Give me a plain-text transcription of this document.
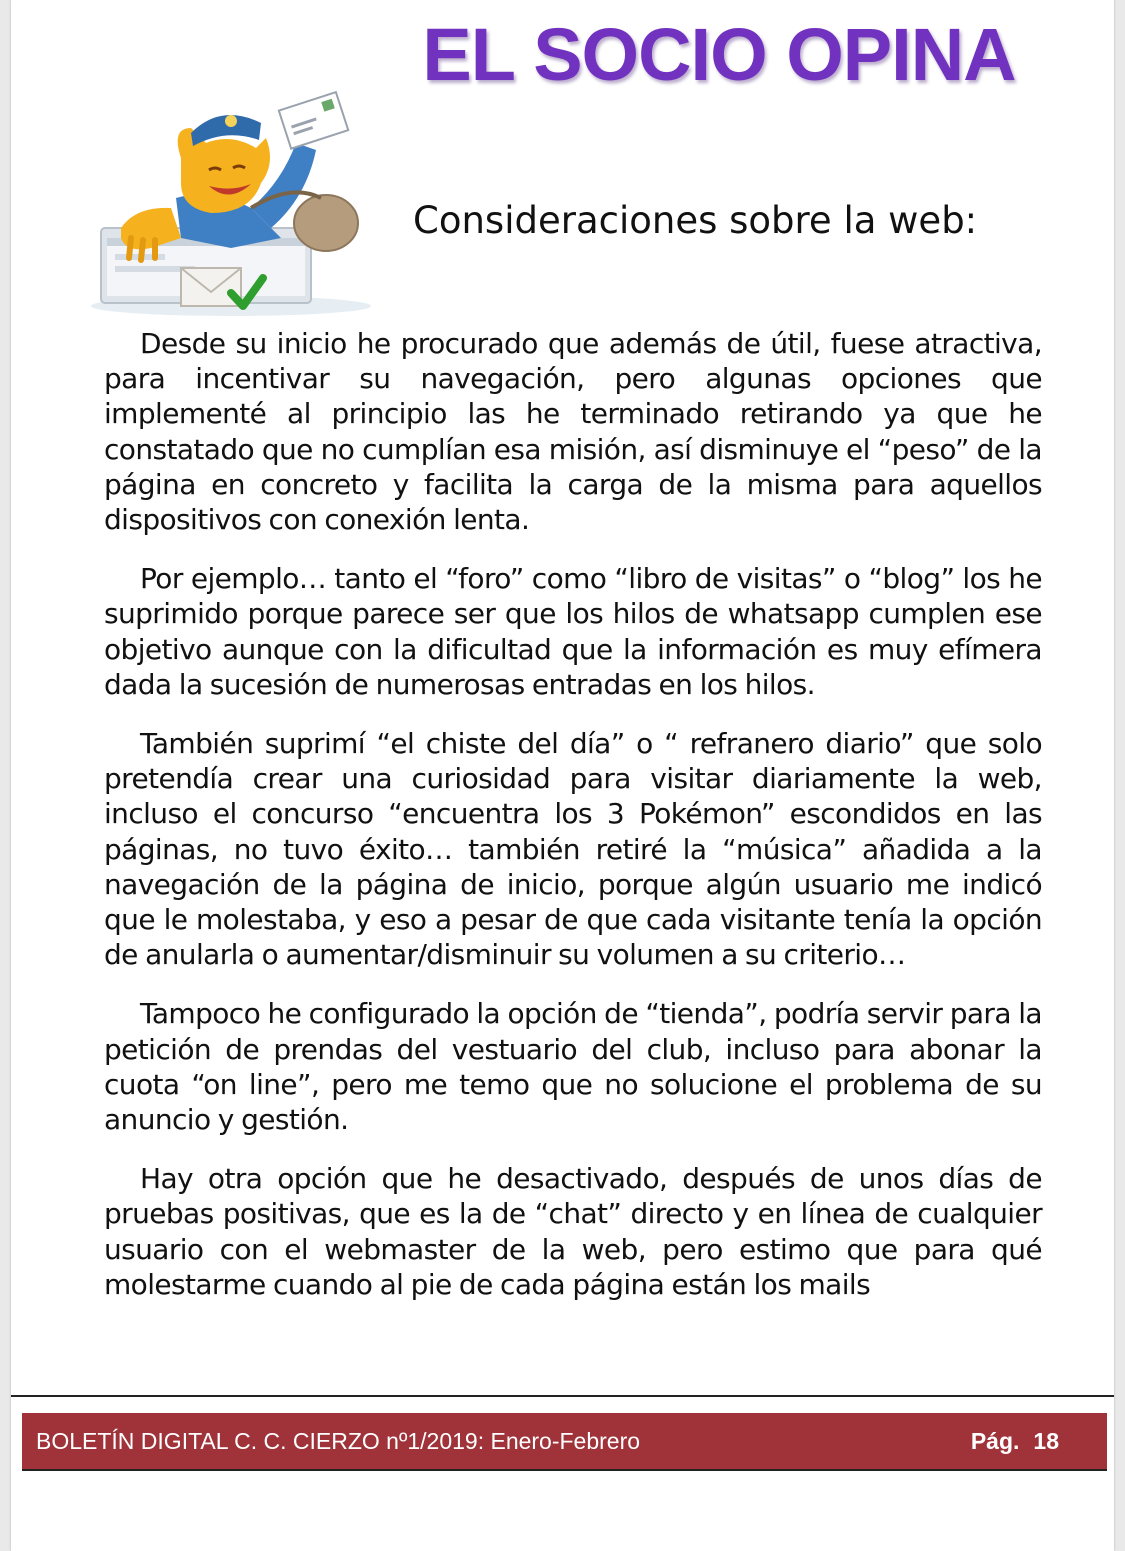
EL SOCIO OPINA
Consideraciones sobre la web:

Desde su inicio he procurado que además de útil, fuese atractiva, para incentivar su navegación, pero algunas opciones que implementé al principio las he terminado retirando ya que he constatado que no cumplían esa misión, así disminuye el “peso” de la página en concreto y facilita la carga de la misma para aquellos dispositivos con conexión lenta.

Por ejemplo… tanto el “foro” como “libro de visitas” o “blog” los he suprimido porque parece ser que los hilos de whatsapp cumplen ese objetivo aunque con la dificultad que la información es muy efímera dada la sucesión de numerosas entradas en los hilos.

También suprimí “el chiste del día” o “ refranero diario” que solo pretendía crear una curiosidad para visitar diariamente la web, incluso el concurso “encuentra los 3 Pokémon” escondidos en las páginas, no tuvo éxito… también retiré la “música” añadida a la navegación de la página de inicio, porque algún usuario me indicó que le molestaba, y eso a pesar de que cada visitante tenía la opción de anularla o aumentar/disminuir su volumen a su criterio…

Tampoco he configurado la opción de “tienda”, podría servir para la petición de prendas del vestuario del club, incluso para abonar la cuota “on line”, pero me temo que no solucione el problema de su anuncio y gestión.

Hay otra opción que he desactivado, después de unos días de pruebas positivas, que es la de “chat” directo y en línea de cualquier usuario con el webmaster de la web, pero estimo que para qué molestarme cuando al pie de cada página están los mails

BOLETÍN DIGITAL C. C. CIERZO nº1/2019: Enero-Febrero	Pág. 18
